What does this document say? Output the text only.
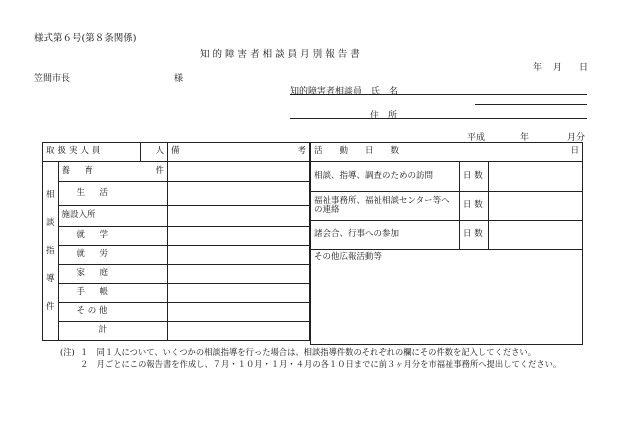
様式第６号(第８条関係)
知 的 障 害 者 相 談 員 月 別 報 告 書
年 月 日
笠間市長	様
知的障害者相談員　氏　名
住　所
平成	年	月分
取扱実人員		人	備 考

相
談
指
導
件	養　育	件	
	生　活		
	施設入所		
	就　学		
	就　労		
	家　庭		
	手　帳		
	そ の 他		
	計		
活　　動　　日　　数 日		

相談、指導、調査のための訪問	日 数	
福祉事務所、福祉相談センター等への連絡	日 数	
諸会合、行事への参加	日 数	
その他広報活動等		
(注) １　同１人について、いくつかの相談指導を行った場合は、相談指導件数のそれぞれの欄にその件数を記入してください。
２　月ごとにこの報告書を作成し、７月・１０月・１月・４月の各１０日までに前３ヶ月分を市福祉事務所へ提出してください。
